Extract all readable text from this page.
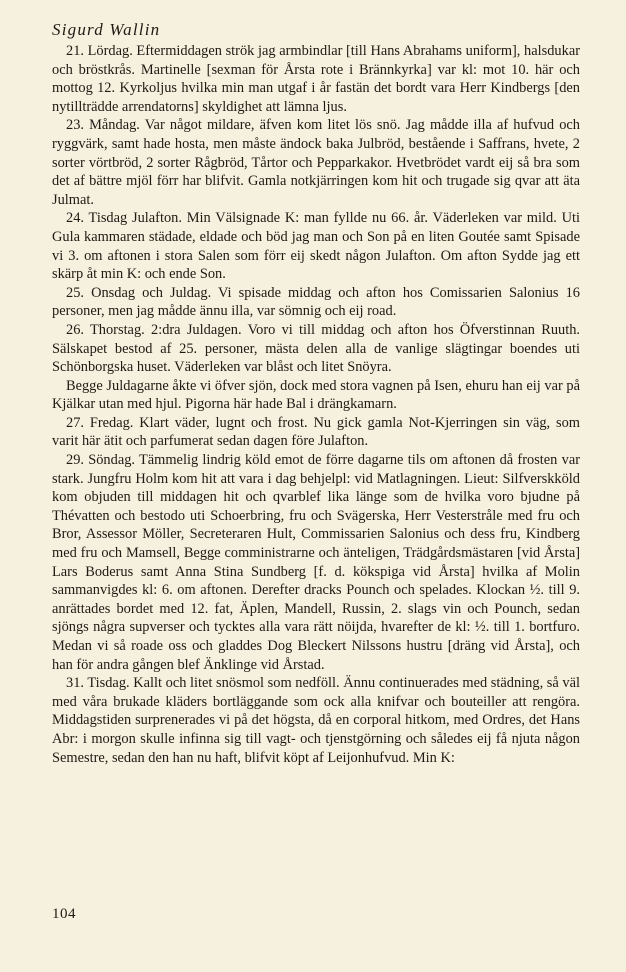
Sigurd Wallin

21. Lördag. Eftermiddagen strök jag armbindlar [till Hans Abrahams uniform], halsdukar och bröstkrås. Martinelle [sexman för Årsta rote i Brännkyrka] var kl: mot 10. här och mottog 12. Kyrkoljus hvilka min man utgaf i år fastän det bordt vara Herr Kindbergs [den nytillträdde arrendatorns] skyldighet att lämna ljus.

23. Måndag. Var något mildare, äfven kom litet lös snö. Jag mådde illa af hufvud och ryggvärk, samt hade hosta, men måste ändock baka Julbröd, bestående i Saffrans, hvete, 2 sorter vörtbröd, 2 sorter Rågbröd, Tårtor och Pepparkakor. Hvetbrödet vardt eij så bra som det af bättre mjöl förr har blifvit. Gamla notkjärringen kom hit och trugade sig qvar att äta Julmat.

24. Tisdag Julafton. Min Välsignade K: man fyllde nu 66. år. Väderleken var mild. Uti Gula kammaren städade, eldade och böd jag man och Son på en liten Goutée samt Spisade vi 3. om aftonen i stora Salen som förr eij skedt någon Julafton. Om afton Sydde jag ett skärp åt min K: och ende Son.

25. Onsdag och Juldag. Vi spisade middag och afton hos Comissarien Salonius 16 personer, men jag mådde ännu illa, var sömnig och eij road.

26. Thorstag. 2:dra Juldagen. Voro vi till middag och afton hos Öfverstinnan Ruuth. Sälskapet bestod af 25. personer, mästa delen alla de vanlige slägtingar boendes uti Schönborgska huset. Väderleken var blåst och litet Snöyra.

Begge Juldagarne åkte vi öfver sjön, dock med stora vagnen på Isen, ehuru han eij var på Kjälkar utan med hjul. Pigorna här hade Bal i drängkamarn.

27. Fredag. Klart väder, lugnt och frost. Nu gick gamla Not-Kjerringen sin väg, som varit här ätit och parfumerat sedan dagen före Julafton.

29. Söndag. Tämmelig lindrig köld emot de förre dagarne tils om aftonen då frosten var stark. Jungfru Holm kom hit att vara i dag behjelpl: vid Matlagningen. Lieut: Silfverskköld kom objuden till middagen hit och qvarblef lika länge som de hvilka voro bjudne på Thévatten och bestodo uti Schoerbring, fru och Svägerska, Herr Vesterstråle med fru och Bror, Assessor Möller, Secreteraren Hult, Commissarien Salonius och dess fru, Kindberg med fru och Mamsell, Begge comministrarne och änteligen, Trädgårdsmästaren [vid Årsta] Lars Boderus samt Anna Stina Sundberg [f. d. kökspiga vid Årsta] hvilka af Molin sammanvigdes kl: 6. om aftonen. Derefter dracks Pounch och spelades. Klockan ½. till 9. anrättades bordet med 12. fat, Äplen, Mandell, Russin, 2. slags vin och Pounch, sedan sjöngs några supverser och tycktes alla vara rätt nöijda, hvarefter de kl: ½. till 1. bortfuro. Medan vi så roade oss och gladdes Dog Bleckert Nilssons hustru [dräng vid Årsta], och han för andra gången blef Änklinge vid Årstad.

31. Tisdag. Kallt och litet snösmol som nedföll. Ännu continuerades med städning, så väl med våra brukade kläders bortläggande som ock alla knifvar och bouteiller att rengöra. Middagstiden surprenerades vi på det högsta, då en corporal hitkom, med Ordres, det Hans Abr: i morgon skulle infinna sig till vagt- och tjenstgörning och således eij få njuta någon Semestre, sedan den han nu haft, blifvit köpt af Leijonhufvud. Min K:

104
